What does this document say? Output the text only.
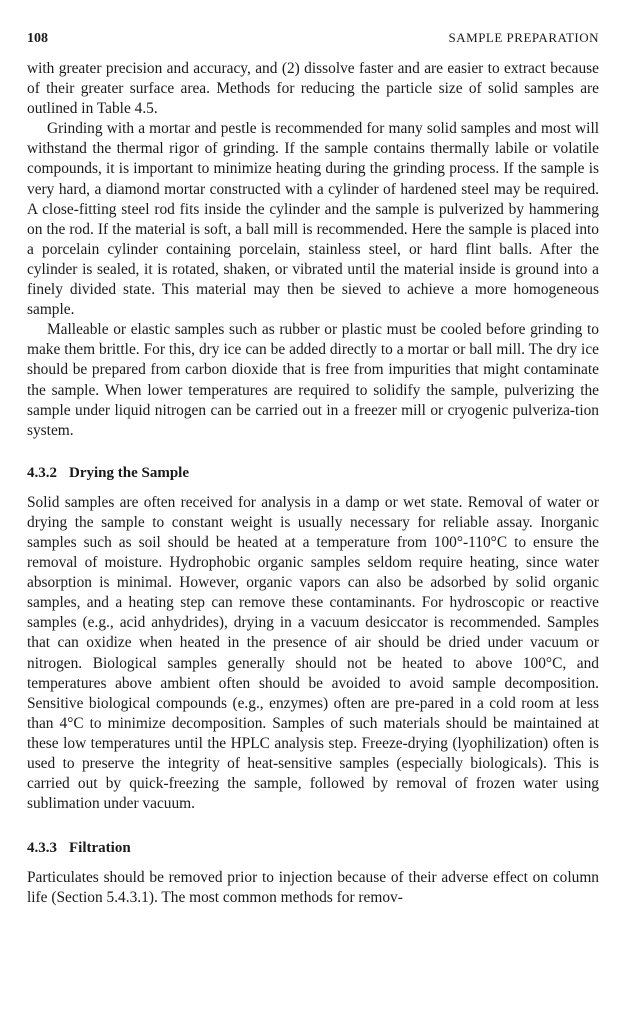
108	SAMPLE PREPARATION

with greater precision and accuracy, and (2) dissolve faster and are easier to extract because of their greater surface area. Methods for reducing the particle size of solid samples are outlined in Table 4.5.

Grinding with a mortar and pestle is recommended for many solid samples and most will withstand the thermal rigor of grinding. If the sample contains thermally labile or volatile compounds, it is important to minimize heating during the grinding process. If the sample is very hard, a diamond mortar constructed with a cylinder of hardened steel may be required. A close-fitting steel rod fits inside the cylinder and the sample is pulverized by hammering on the rod. If the material is soft, a ball mill is recommended. Here the sample is placed into a porcelain cylinder containing porcelain, stainless steel, or hard flint balls. After the cylinder is sealed, it is rotated, shaken, or vibrated until the material inside is ground into a finely divided state. This material may then be sieved to achieve a more homogeneous sample.

Malleable or elastic samples such as rubber or plastic must be cooled before grinding to make them brittle. For this, dry ice can be added directly to a mortar or ball mill. The dry ice should be prepared from carbon dioxide that is free from impurities that might contaminate the sample. When lower temperatures are required to solidify the sample, pulverizing the sample under liquid nitrogen can be carried out in a freezer mill or cryogenic pulveriza-tion system.

4.3.2 Drying the Sample

Solid samples are often received for analysis in a damp or wet state. Removal of water or drying the sample to constant weight is usually necessary for reliable assay. Inorganic samples such as soil should be heated at a temperature from 100°-110°C to ensure the removal of moisture. Hydrophobic organic samples seldom require heating, since water absorption is minimal. However, organic vapors can also be adsorbed by solid organic samples, and a heating step can remove these contaminants. For hydroscopic or reactive samples (e.g., acid anhydrides), drying in a vacuum desiccator is recommended. Samples that can oxidize when heated in the presence of air should be dried under vacuum or nitrogen. Biological samples generally should not be heated to above 100°C, and temperatures above ambient often should be avoided to avoid sample decomposition. Sensitive biological compounds (e.g., enzymes) often are pre-pared in a cold room at less than 4°C to minimize decomposition. Samples of such materials should be maintained at these low temperatures until the HPLC analysis step. Freeze-drying (lyophilization) often is used to preserve the integrity of heat-sensitive samples (especially biologicals). This is carried out by quick-freezing the sample, followed by removal of frozen water using sublimation under vacuum.

4.3.3 Filtration

Particulates should be removed prior to injection because of their adverse effect on column life (Section 5.4.3.1). The most common methods for remov-
